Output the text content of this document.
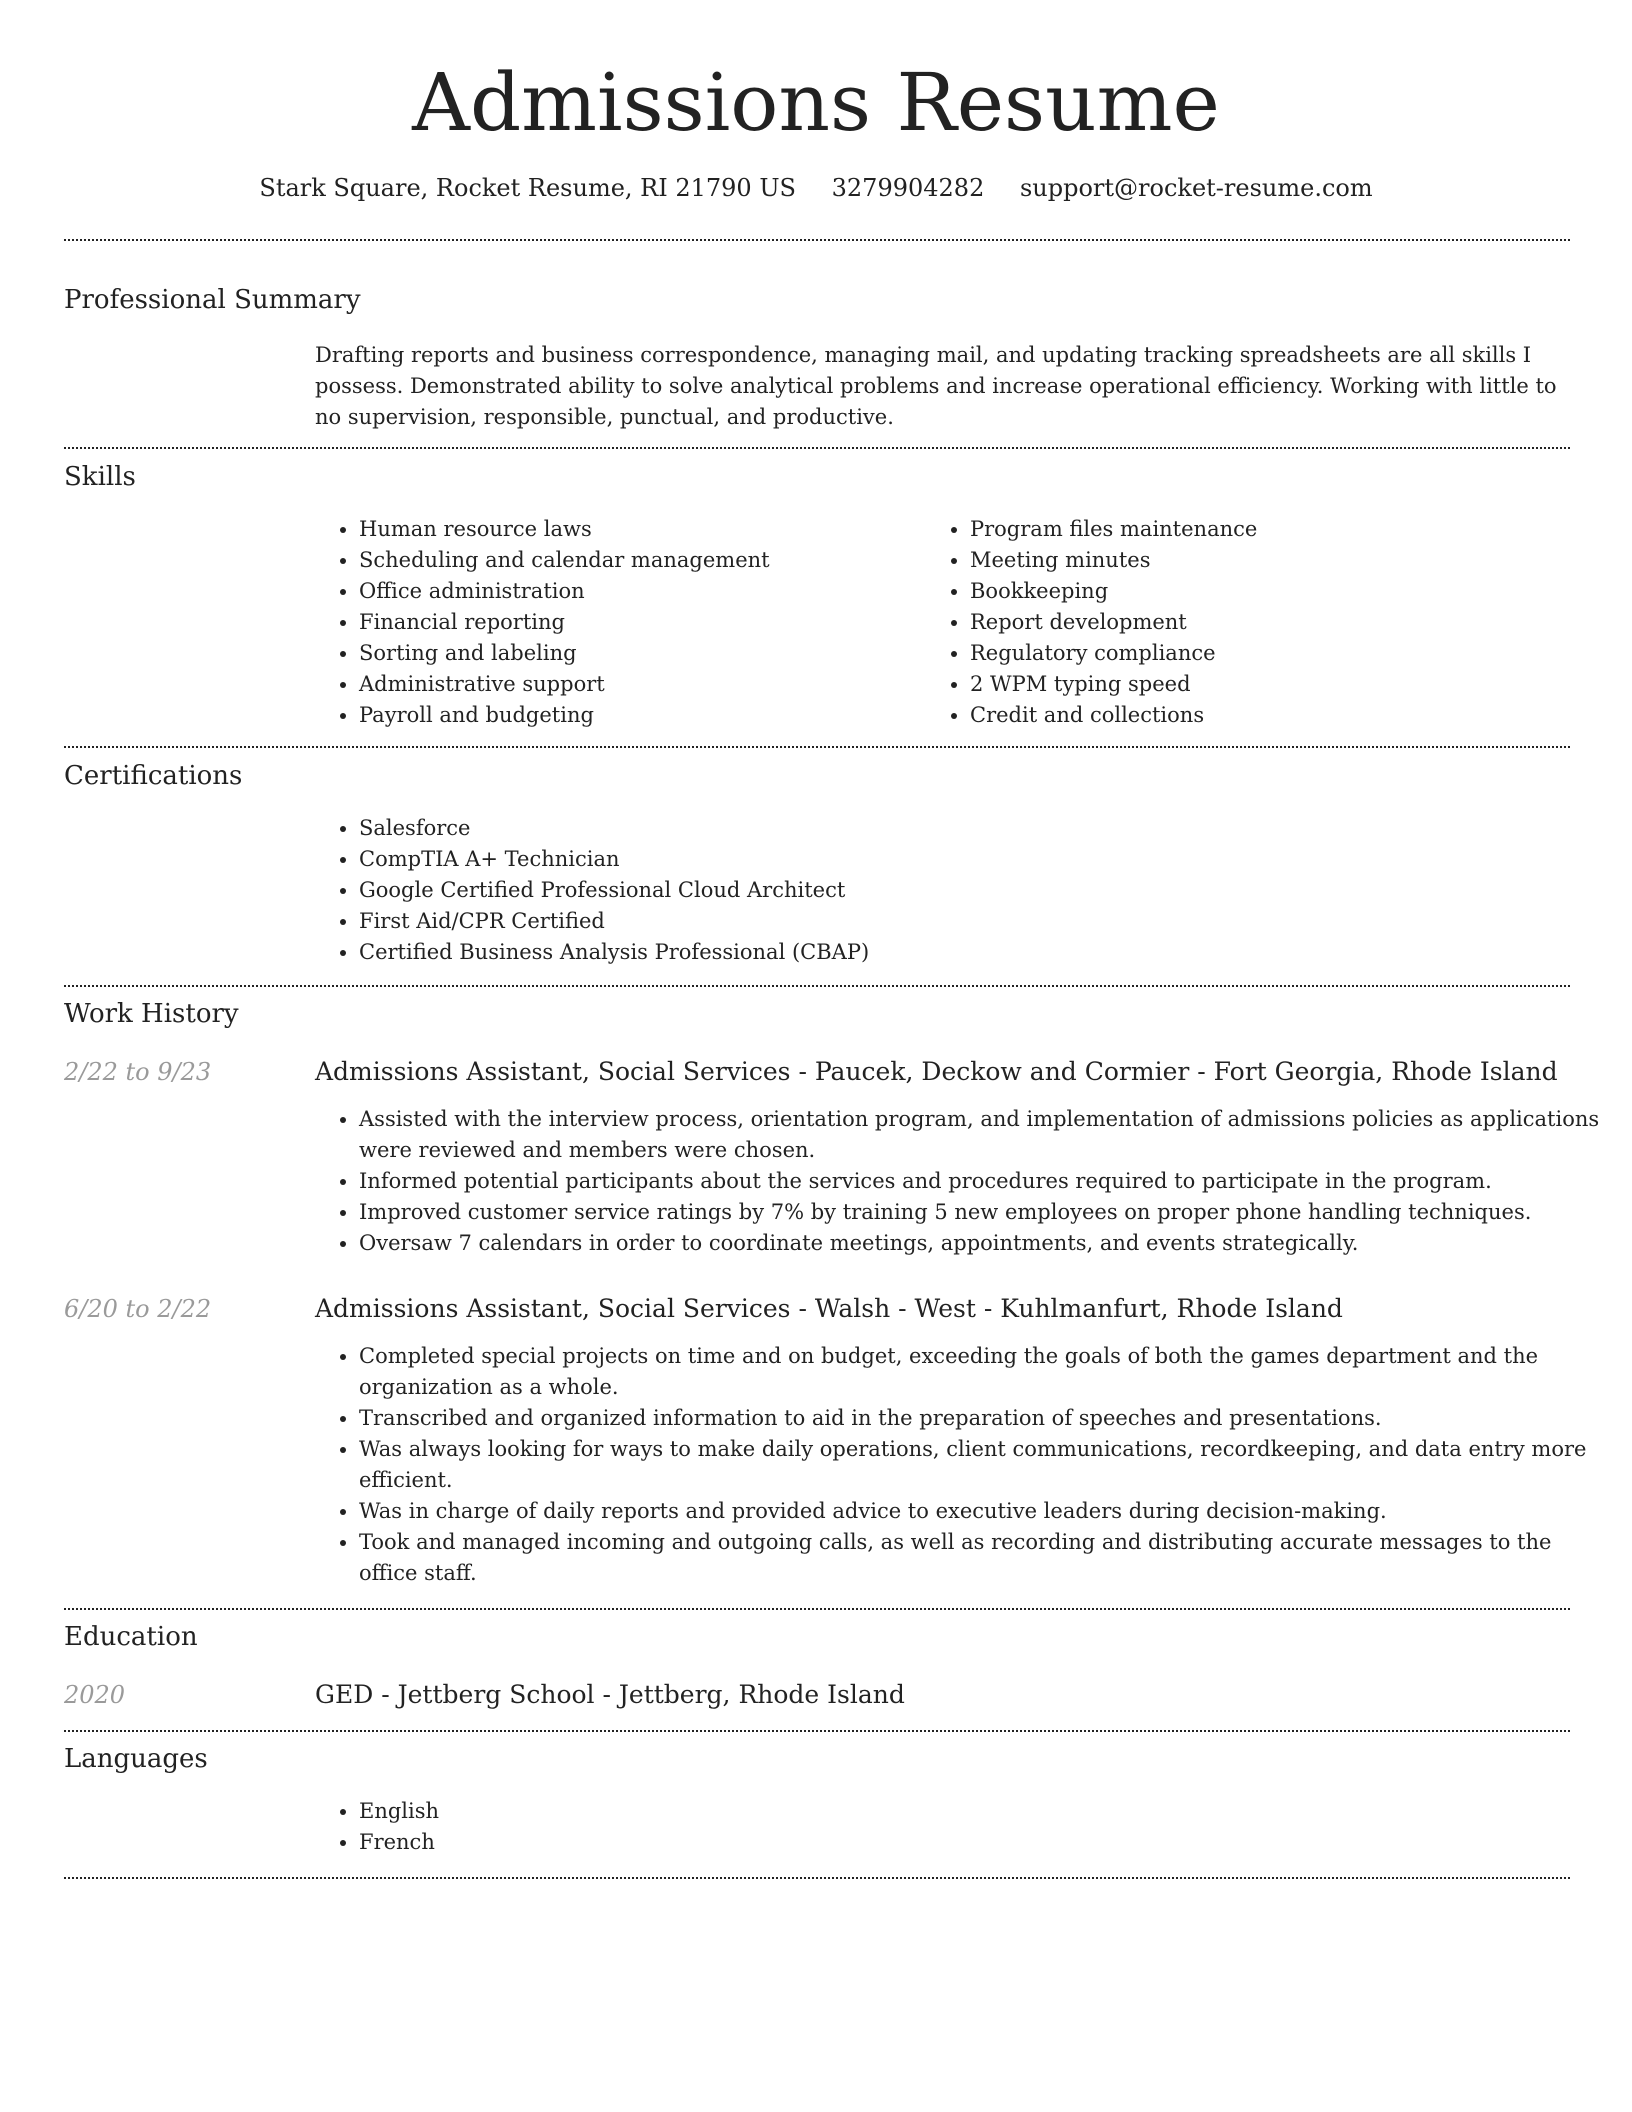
Admissions Resume
Stark Square, Rocket Resume, RI 21790 US 3279904282 support@rocket-resume.com
Professional Summary

Drafting reports and business correspondence, managing mail, and updating tracking spreadsheets are all skills I possess. Demonstrated ability to solve analytical problems and increase operational efficiency. Working with little to no supervision, responsible, punctual, and productive.

Skills
• Human resource laws
• Scheduling and calendar management
• Office administration
• Financial reporting
• Sorting and labeling
• Administrative support
• Payroll and budgeting
• Program files maintenance
• Meeting minutes
• Bookkeeping
• Report development
• Regulatory compliance
• 2 WPM typing speed
• Credit and collections
Certifications
• Salesforce
• CompTIA A+ Technician
• Google Certified Professional Cloud Architect
• First Aid/CPR Certified
• Certified Business Analysis Professional (CBAP)
Work History
2/22 to 9/23	Admissions Assistant, Social Services - Paucek, Deckow and Cormier - Fort Georgia, Rhode Island
• Assisted with the interview process, orientation program, and implementation of admissions policies as applications were reviewed and members were chosen.
• Informed potential participants about the services and procedures required to participate in the program.
• Improved customer service ratings by 7% by training 5 new employees on proper phone handling techniques.
• Oversaw 7 calendars in order to coordinate meetings, appointments, and events strategically.
6/20 to 2/22	Admissions Assistant, Social Services - Walsh - West - Kuhlmanfurt, Rhode Island
• Completed special projects on time and on budget, exceeding the goals of both the games department and the organization as a whole.
• Transcribed and organized information to aid in the preparation of speeches and presentations.
• Was always looking for ways to make daily operations, client communications, recordkeeping, and data entry more efficient.
• Was in charge of daily reports and provided advice to executive leaders during decision-making.
• Took and managed incoming and outgoing calls, as well as recording and distributing accurate messages to the office staff.
Education
2020	GED - Jettberg School - Jettberg, Rhode Island
Languages
• English
• French
